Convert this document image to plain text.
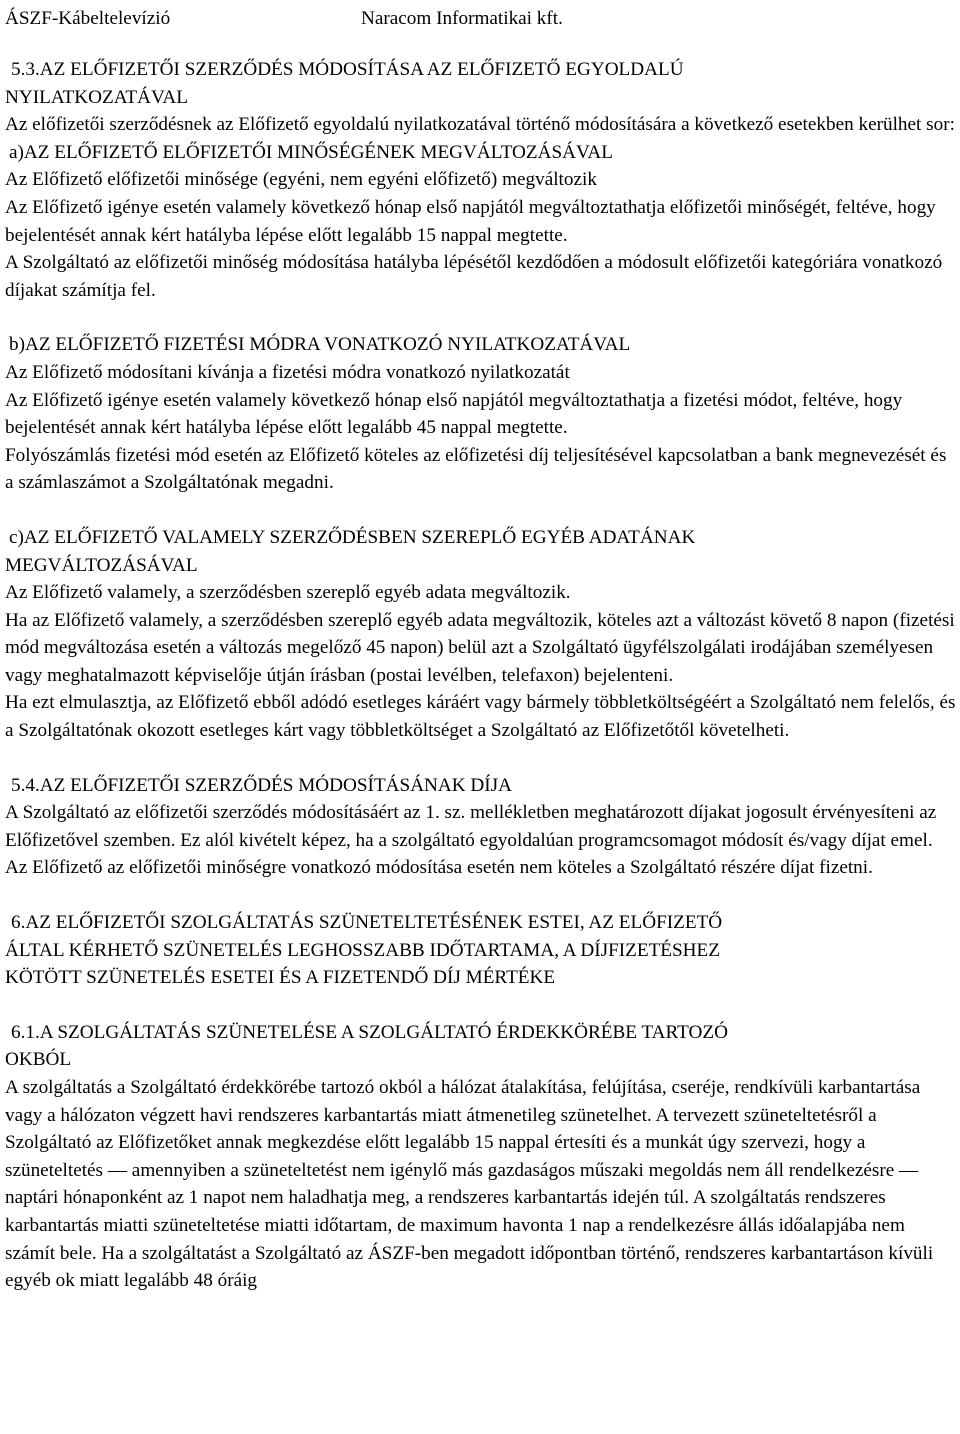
ÁSZF-Kábeltelevízió	Naracom Informatikai kft.
5.3.AZ ELŐFIZETŐI SZERZŐDÉS MÓDOSÍTÁSA AZ ELŐFIZETŐ EGYOLDALÚ
NYILATKOZATÁVAL
Az előfizetői szerződésnek az Előfizető egyoldalú nyilatkozatával történő módosítására a következő esetekben kerülhet sor:
a)AZ ELŐFIZETŐ ELŐFIZETŐI MINŐSÉGÉNEK MEGVÁLTOZÁSÁVAL
Az Előfizető előfizetői minősége (egyéni, nem egyéni előfizető) megváltozik
Az Előfizető igénye esetén valamely következő hónap első napjától megváltoztathatja előfizetői minőségét, feltéve, hogy bejelentését annak kért hatályba lépése előtt legalább 15 nappal megtette.
A Szolgáltató az előfizetői minőség módosítása hatályba lépésétől kezdődően a módosult előfizetői kategóriára vonatkozó díjakat számítja fel.
b)AZ ELŐFIZETŐ FIZETÉSI MÓDRA VONATKOZÓ NYILATKOZATÁVAL
Az Előfizető módosítani kívánja a fizetési módra vonatkozó nyilatkozatát
Az Előfizető igénye esetén valamely következő hónap első napjától megváltoztathatja a fizetési módot, feltéve, hogy bejelentését annak kért hatályba lépése előtt legalább 45 nappal megtette.
Folyószámlás fizetési mód esetén az Előfizető köteles az előfizetési díj teljesítésével kapcsolatban a bank megnevezését és a számlaszámot a Szolgáltatónak megadni.
c)AZ ELŐFIZETŐ VALAMELY SZERZŐDÉSBEN SZEREPLŐ EGYÉB ADATÁNAK
MEGVÁLTOZÁSÁVAL
Az Előfizető valamely, a szerződésben szereplő egyéb adata megváltozik.
Ha az Előfizető valamely, a szerződésben szereplő egyéb adata megváltozik, köteles azt a változást követő 8 napon (fizetési mód megváltozása esetén a változás megelőző 45 napon) belül azt a Szolgáltató ügyfélszolgálati irodájában személyesen vagy meghatalmazott képviselője útján írásban (postai levélben, telefaxon) bejelenteni.
Ha ezt elmulasztja, az Előfizető ebből adódó esetleges káráért vagy bármely többletköltségéért a Szolgáltató nem felelős, és a Szolgáltatónak okozott esetleges kárt vagy többletköltséget a Szolgáltató az Előfizetőtől követelheti.
5.4.AZ ELŐFIZETŐI SZERZŐDÉS MÓDOSÍTÁSÁNAK DÍJA
A Szolgáltató az előfizetői szerződés módosításáért az 1. sz. mellékletben meghatározott díjakat jogosult érvényesíteni az Előfizetővel szemben. Ez alól kivételt képez, ha a szolgáltató egyoldalúan programcsomagot módosít és/vagy díjat emel. Az Előfizető az előfizetői minőségre vonatkozó módosítása esetén nem köteles a Szolgáltató részére díjat fizetni.
6.AZ ELŐFIZETŐI SZOLGÁLTATÁS SZÜNETELTETÉSÉNEK ESTEI, AZ ELŐFIZETŐ
ÁLTAL KÉRHETŐ SZÜNETELÉS LEGHOSSZABB IDŐTARTAMA, A DÍJFIZETÉSHEZ
KÖTÖTT SZÜNETELÉS ESETEI ÉS A FIZETENDŐ DÍJ MÉRTÉKE
6.1.A SZOLGÁLTATÁS SZÜNETELÉSE A SZOLGÁLTATÓ ÉRDEKKÖRÉBE TARTOZÓ
OKBÓL
A szolgáltatás a Szolgáltató érdekkörébe tartozó okból a hálózat átalakítása, felújítása, cseréje, rendkívüli karbantartása vagy a hálózaton végzett havi rendszeres karbantartás miatt átmenetileg szünetelhet. A tervezett szüneteltetésről a Szolgáltató az Előfizetőket annak megkezdése előtt legalább 15 nappal értesíti és a munkát úgy szervezi, hogy a szüneteltetés — amennyiben a szüneteltetést nem igénylő más gazdaságos műszaki megoldás nem áll rendelkezésre — naptári hónaponként az 1 napot nem haladhatja meg, a rendszeres karbantartás idején túl. A szolgáltatás rendszeres karbantartás miatti szüneteltetése miatti időtartam, de maximum havonta 1 nap a rendelkezésre állás időalapjába nem számít bele. Ha a szolgáltatást a Szolgáltató az ÁSZF-ben megadott időpontban történő, rendszeres karbantartáson kívüli egyéb ok miatt legalább 48 óráig
